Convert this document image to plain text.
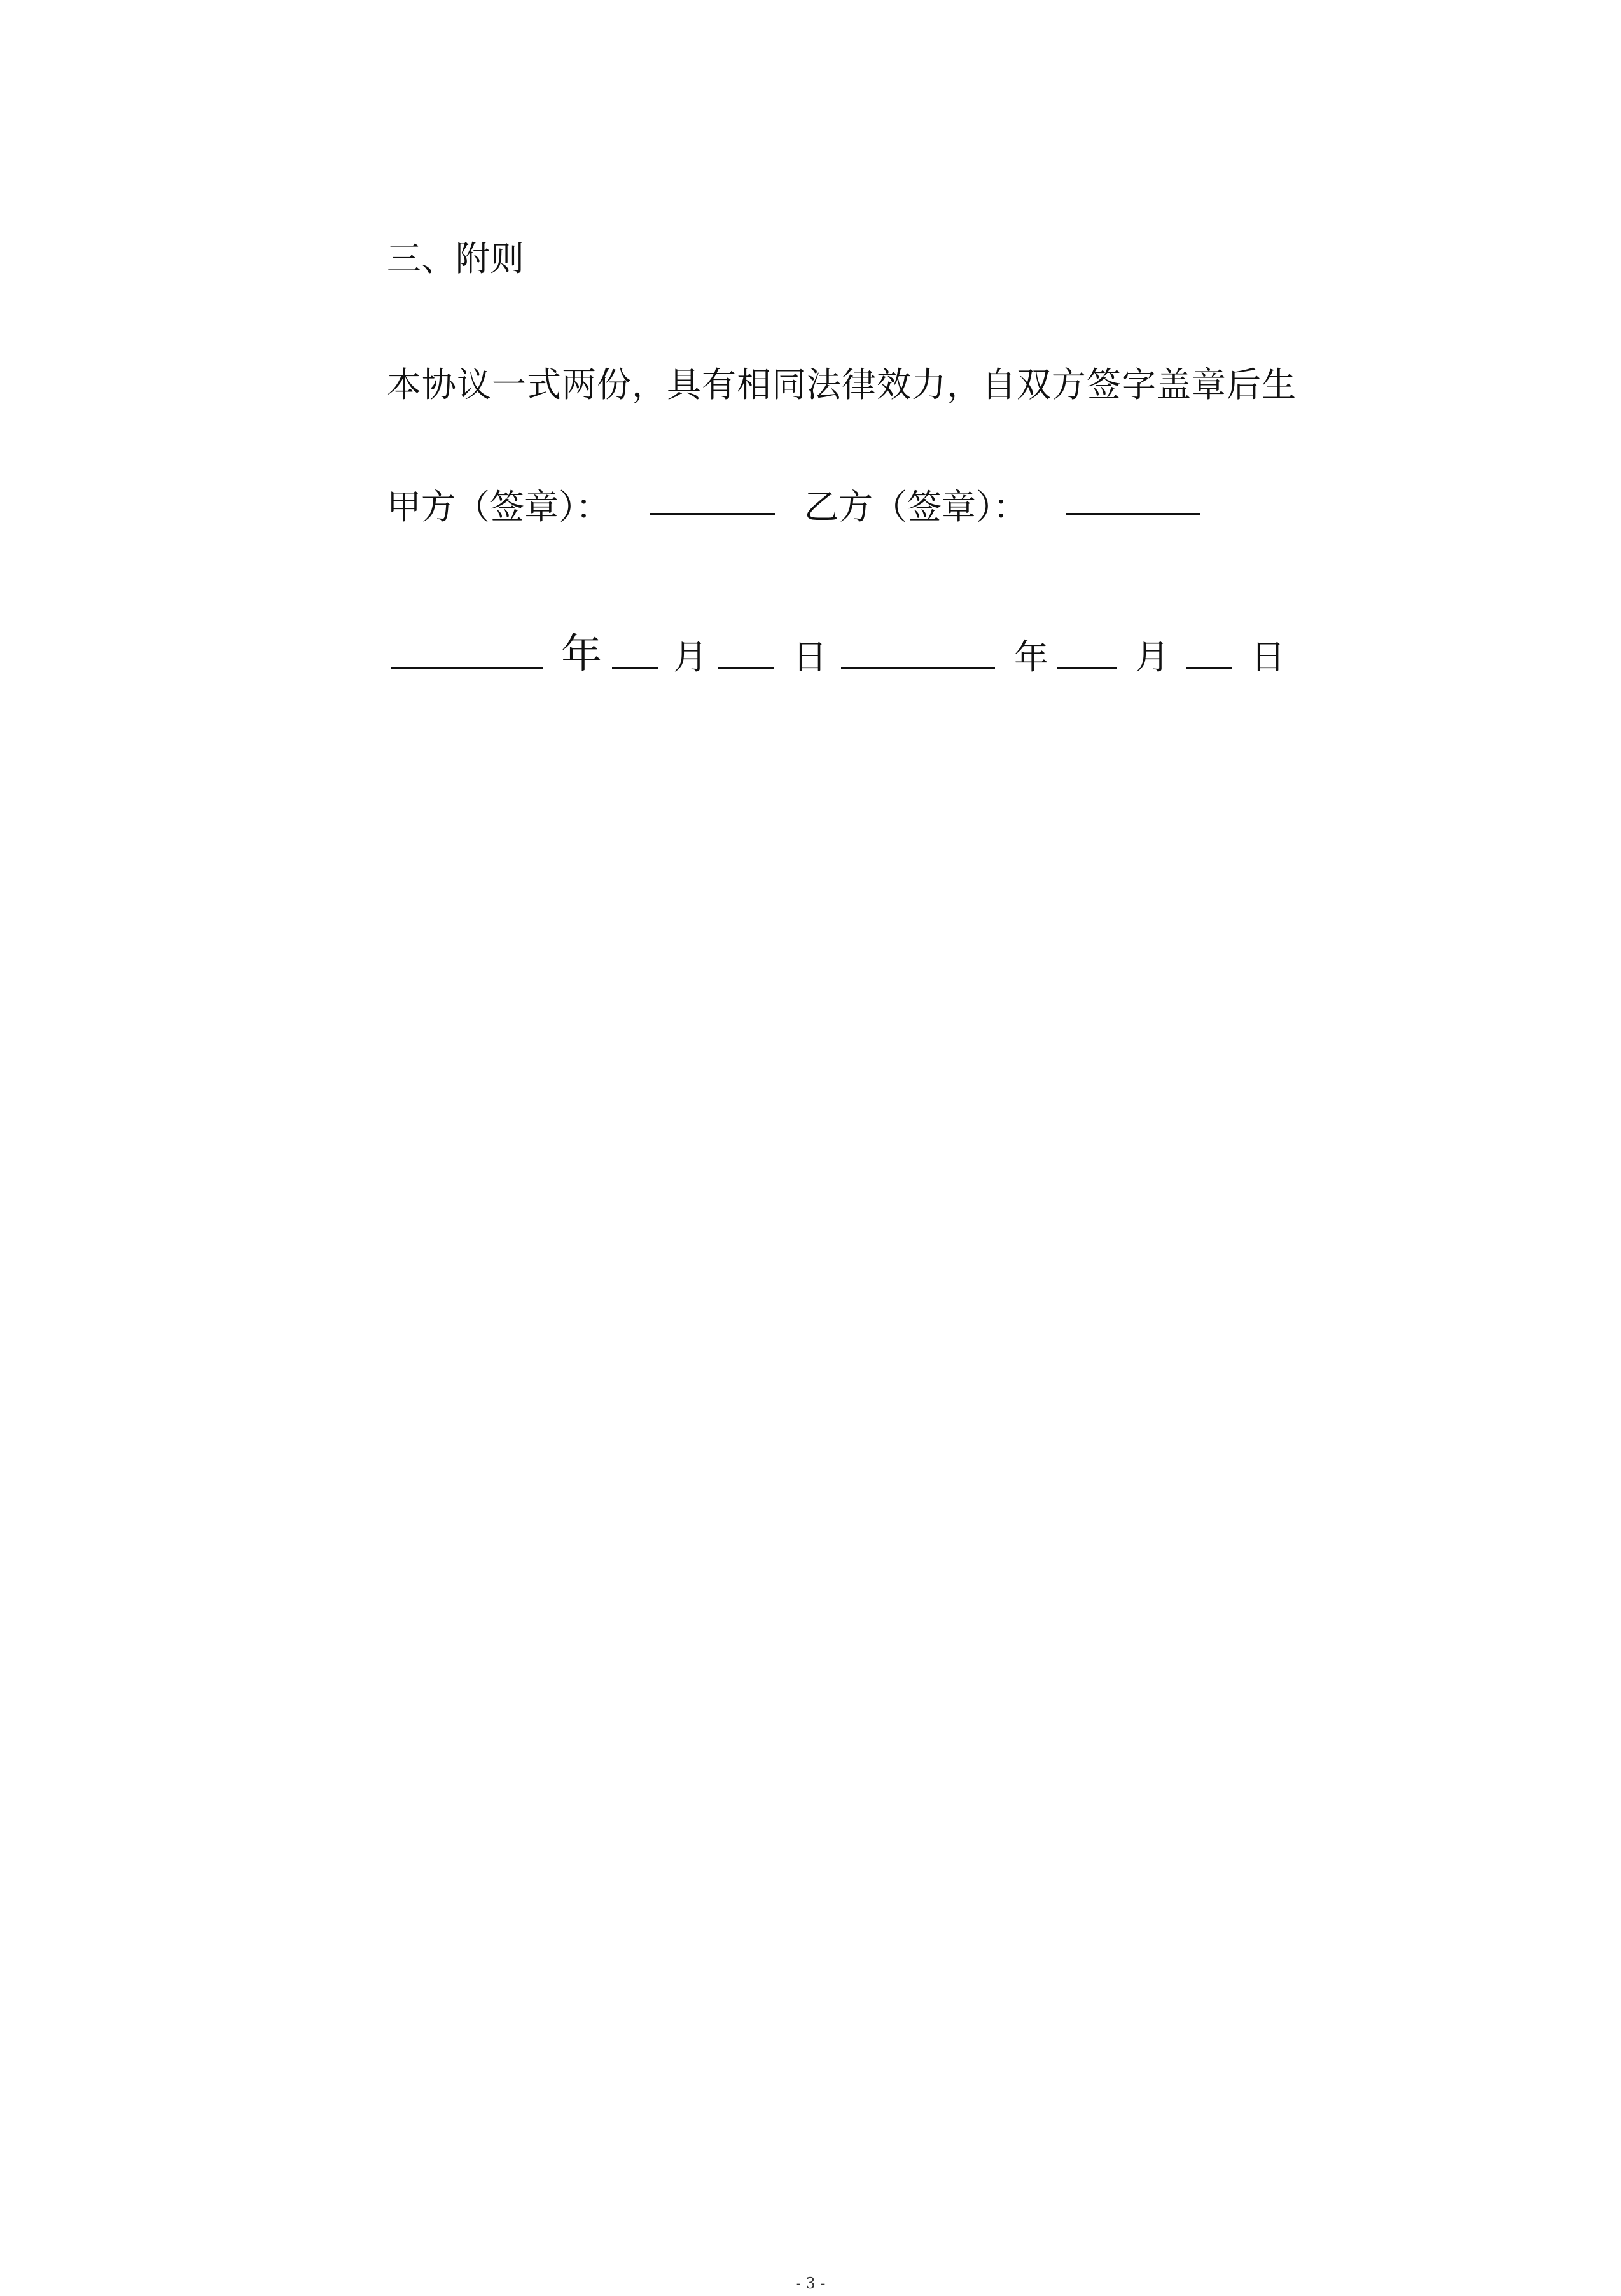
三、附则
本协议一式两份，具有相同法律效力，自双方签字盖章后生
甲方（签章）：	乙方（签章）：
年 月 日	年	月 日
- 3 -
